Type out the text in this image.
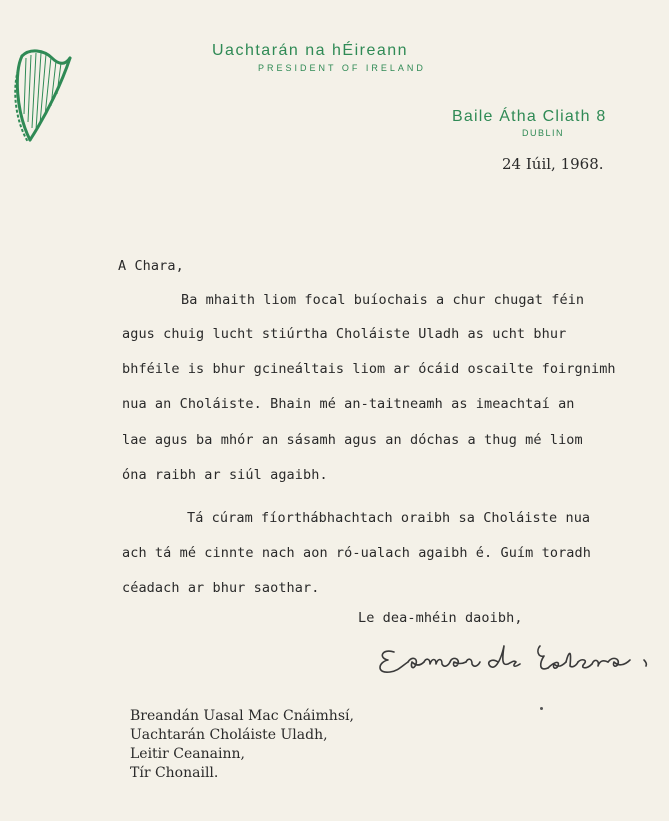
Uachtarán na hÉireann
PRESIDENT OF IRELAND
Baile Átha Cliath 8
DUBLIN
24 Iúil, 1968.
A Chara,
Ba mhaith liom focal buíochais a chur chugat féin
agus chuig lucht stiúrtha Choláiste Uladh as ucht bhur
bhféile is bhur gcineáltais liom ar ócáid oscailte foirgnimh
nua an Choláiste. Bhain mé an-taitneamh as imeachtaí an
lae agus ba mhór an sásamh agus an dóchas a thug mé liom
óna raibh ar siúl agaibh.
Tá cúram fíorthábhachtach oraibh sa Choláiste nua
ach tá mé cinnte nach aon ró-ualach agaibh é. Guím toradh
céadach ar bhur saothar.
Le dea-mhéin daoibh,
Breandán Uasal Mac Cnáimhsí,
Uachtarán Choláiste Uladh,
Leitir Ceanainn,
Tír Chonaill.
